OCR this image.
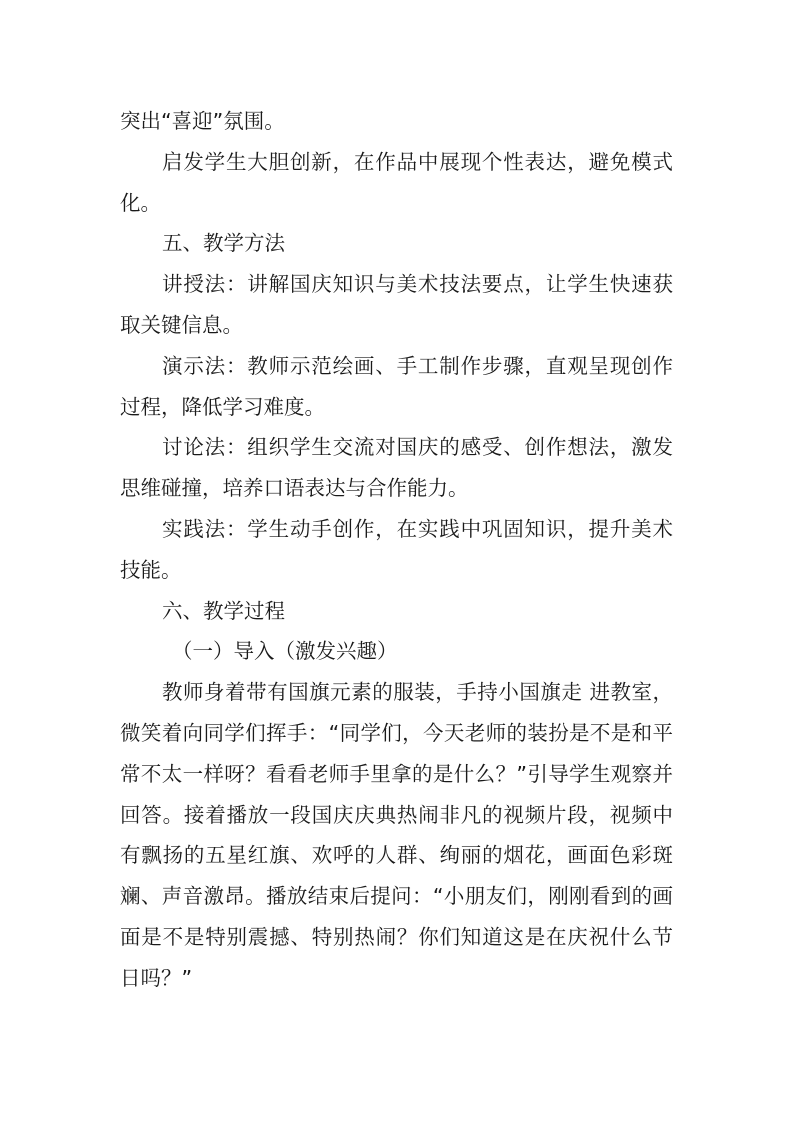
突出“喜迎”氛围。

启发学生大胆创新，在作品中展现个性表达，避免模式化。

五、教学方法

讲授法：讲解国庆知识与美术技法要点，让学生快速获取关键信息。

演示法：教师示范绘画、手工制作步骤，直观呈现创作过程，降低学习难度。

讨论法：组织学生交流对国庆的感受、创作想法，激发思维碰撞，培养口语表达与合作能力。

实践法：学生动手创作，在实践中巩固知识，提升美术技能。

六、教学过程

（一）导入（激发兴趣）

教师身着带有国旗元素的服装，手持小国旗走 进教室，微笑着向同学们挥手：“同学们，今天老师的装扮是不是和平常不太一样呀？看看老师手里拿的是什么？”引导学生观察并回答。接着播放一段国庆庆典热闹非凡的视频片段，视频中有飘扬的五星红旗、欢呼的人群、绚丽的烟花，画面色彩斑斓、声音激昂。播放结束后提问：“小朋友们，刚刚看到的画面是不是特别震撼、特别热闹？你们知道这是在庆祝什么节日吗？”
